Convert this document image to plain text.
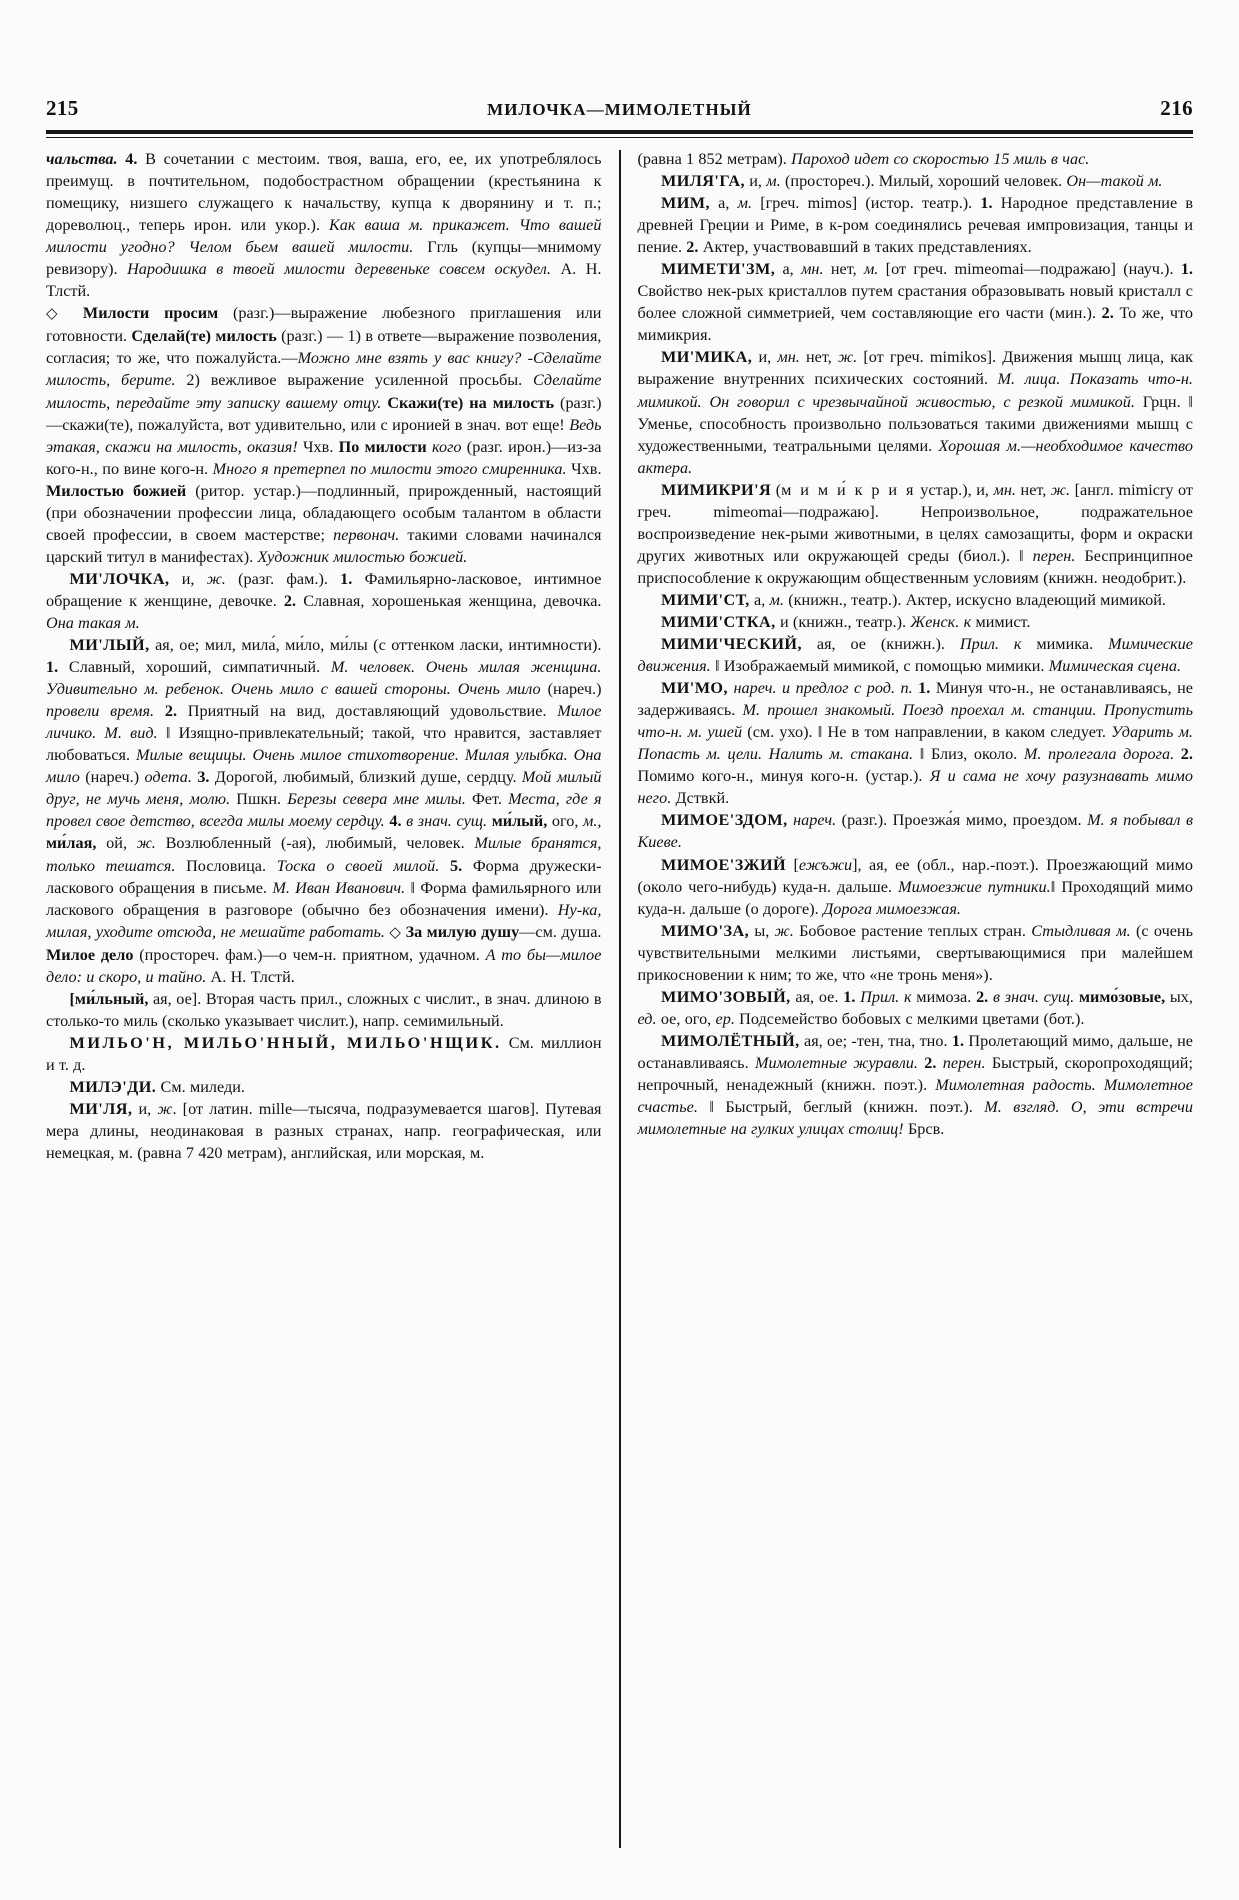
215	МИЛОЧКА—МИМОЛЕТНЫЙ	216

чальства. 4. В сочетании с местоим. твоя, ваша, его, ее, их употреблялось преимущ. в почтительном, подобострастном обращении (крестьянина к помещику, низшего служащего к начальству, купца к дворянину и т. п.; дореволюц., теперь ирон. или укор.). Как ваша м. прикажет. Что вашей милости угодно? Челом бьем вашей милости. Ггль (купцы—мнимому ревизору). Народишка в твоей милости деревеньке совсем оскудел. А. Н. Тлстй.

◇ Милости просим (разг.)—выражение любезного приглашения или готовности. Сделай(те) милость (разг.) — 1) в ответе—выражение позволения, согласия; то же, что пожалуйста.—Можно мне взять у вас книгу? -Сделайте милость, берите. 2) вежливое выражение усиленной просьбы. Сделайте милость, передайте эту записку вашему отцу. Скажи(те) на милость (разг.)—скажи(те), пожалуйста, вот удивительно, или с иронией в знач. вот еще! Ведь этакая, скажи на милость, оказия! Чхв. По милости кого (разг. ирон.)—из-за кого-н., по вине кого-н. Много я претерпел по милости этого смиренника. Чхв. Милостью божией (ритор. устар.)—подлинный, прирожденный, настоящий (при обозначении профессии лица, обладающего особым талантом в области своей профессии, в своем мастерстве; первонач. такими словами начинался царский титул в манифестах). Художник милостью божией.

МИ'ЛОЧКА, и, ж. (разг. фам.). 1. Фамильярно-ласковое, интимное обращение к женщине, девочке. 2. Славная, хорошенькая женщина, девочка. Она такая м.

МИ'ЛЫЙ, ая, ое; мил, мила́, ми́ло, ми́лы (с оттенком ласки, интимности). 1. Славный, хороший, симпатичный. М. человек. Очень милая женщина. Удивительно м. ребенок. Очень мило с вашей стороны. Очень мило (нареч.) провели время. 2. Приятный на вид, доставляющий удовольствие. Милое личико. М. вид. ‖ Изящно-привлекательный; такой, что нравится, заставляет любоваться. Милые вещицы. Очень милое стихотворение. Милая улыбка. Она мило (нареч.) одета. 3. Дорогой, любимый, близкий душе, сердцу. Мой милый друг, не мучь меня, молю. Пшкн. Березы севера мне милы. Фет. Места, где я провел свое детство, всегда милы моему сердцу. 4. в знач. сущ. ми́лый, ого, м., ми́лая, ой, ж. Возлюбленный (-ая), любимый, человек. Милые бранятся, только тешатся. Пословица. Тоска о своей милой. 5. Форма дружески-ласкового обращения в письме. М. Иван Иванович. ‖ Форма фамильярного или ласкового обращения в разговоре (обычно без обозначения имени). Ну-ка, милая, уходите отсюда, не мешайте работать. ◇ За милую душу—см. душа. Милое дело (простореч. фам.)—о чем-н. приятном, удачном. А то бы—милое дело: и скоро, и тайно. А. Н. Тлстй.

[ми́льный, ая, ое]. Вторая часть прил., сложных с числит., в знач. длиною в столько-то миль (сколько указывает числит.), напр. семимильный.

МИЛЬО'Н, МИЛЬО'ННЫЙ, МИЛЬО'НЩИК. См. миллион и т. д.

МИЛЭ'ДИ. См. миледи.

МИ'ЛЯ, и, ж. [от латин. mille—тысяча, подразумевается шагов]. Путевая мера длины, неодинаковая в разных странах, напр. географическая, или немецкая, м. (равна 7 420 метрам), английская, или морская, м.

(равна 1 852 метрам). Пароход идет со скоростью 15 миль в час.

МИЛЯ'ГА, и, м. (простореч.). Милый, хороший человек. Он—такой м.

МИМ, а, м. [греч. mimos] (истор. театр.). 1. Народное представление в древней Греции и Риме, в к-ром соединялись речевая импровизация, танцы и пение. 2. Актер, участвовавший в таких представлениях.

МИМЕТИ'ЗМ, а, мн. нет, м. [от греч. mimeomai—подражаю] (науч.). 1. Свойство нек-рых кристаллов путем срастания образовывать новый кристалл с более сложной симметрией, чем составляющие его части (мин.). 2. То же, что мимикрия.

МИ'МИКА, и, мн. нет, ж. [от греч. mimikos]. Движения мышц лица, как выражение внутренних психических состояний. М. лица. Показать что-н. мимикой. Он говорил с чрезвычайной живостью, с резкой мимикой. Грцн. ‖ Уменье, способность произвольно пользоваться такими движениями мышц с художественными, театральными целями. Хорошая м.—необходимое качество актера.

МИМИКРИ'Я (м и м и́ к р и я устар.), и, мн. нет, ж. [англ. mimicry от греч. mimeomai—подражаю]. Непроизвольное, подражательное воспроизведение нек-рыми животными, в целях самозащиты, форм и окраски других животных или окружающей среды (биол.). ‖ перен. Беспринципное приспособление к окружающим общественным условиям (книжн. неодобрит.).

МИМИ'СТ, а, м. (книжн., театр.). Актер, искусно владеющий мимикой.

МИМИ'СТКА, и (книжн., театр.). Женск. к мимист.

МИМИ'ЧЕСКИЙ, ая, ое (книжн.). Прил. к мимика. Мимические движения. ‖ Изображаемый мимикой, с помощью мимики. Мимическая сцена.

МИ'МО, нареч. и предлог с род. п. 1. Минуя что-н., не останавливаясь, не задерживаясь. М. прошел знакомый. Поезд проехал м. станции. Пропустить что-н. м. ушей (см. ухо). ‖ Не в том направлении, в каком следует. Ударить м. Попасть м. цели. Налить м. стакана. ‖ Близ, около. М. пролегала дорога. 2. Помимо кого-н., минуя кого-н. (устар.). Я и сама не хочу разузнавать мимо него. Дствкй.

МИМОЕ'ЗДОМ, нареч. (разг.). Проезжа́я мимо, проездом. М. я побывал в Киеве.

МИМОЕ'ЗЖИЙ [ежъжи], ая, ее (обл., нар.-поэт.). Проезжающий мимо (около чего-нибудь) куда-н. дальше. Мимоезжие путники.‖ Проходящий мимо куда-н. дальше (о дороге). Дорога мимоезжая.

МИМО'ЗА, ы, ж. Бобовое растение теплых стран. Стыдливая м. (с очень чувствительными мелкими листьями, свертывающимися при малейшем прикосновении к ним; то же, что «не тронь меня»).

МИМО'ЗОВЫЙ, ая, ое. 1. Прил. к мимоза. 2. в знач. сущ. мимо́зовые, ых, ед. ое, ого, ер. Подсемейство бобовых с мелкими цветами (бот.).

МИМОЛЁТНЫЙ, ая, ое; -тен, тна, тно. 1. Пролетающий мимо, дальше, не останавливаясь. Мимолетные журавли. 2. перен. Быстрый, скоропроходящий; непрочный, ненадежный (книжн. поэт.). Мимолетная радость. Мимолетное счастье. ‖ Быстрый, беглый (книжн. поэт.). М. взгляд. О, эти встречи мимолетные на гулких улицах столиц! Брсв.
